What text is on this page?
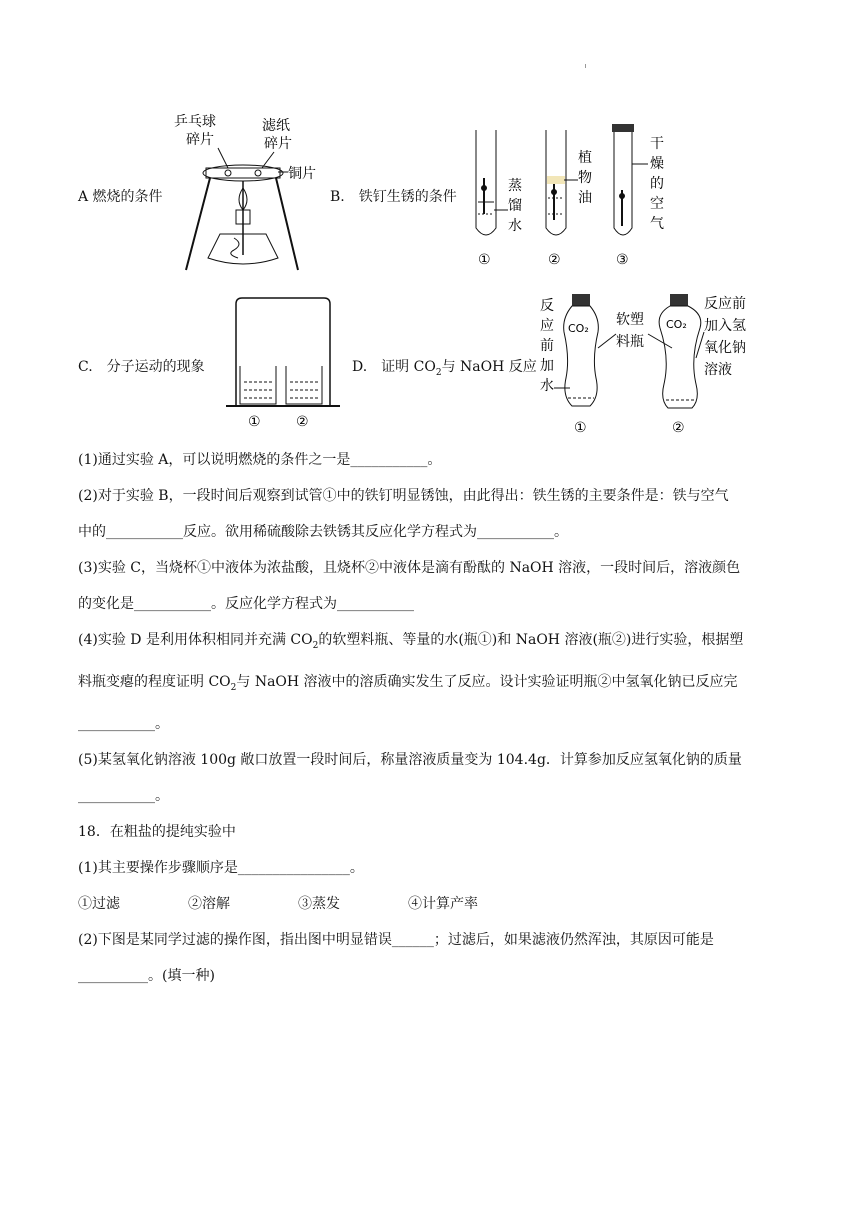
A 燃烧的条件	B.　铁钉生锈的条件
C.　分子运动的现象	D.　证明 $CO_2$与 NaOH 反应
乒乓球
碎片
滤纸
碎片
铜片
蒸
馏
水
植
物
油
干
燥
的
空
气
①	②	③
①	②
反
应
前
加
水
CO₂
软塑
料瓶
CO₂
反应前
加入氢
氧化钠
溶液
①	②
(1)通过实验 A，可以说明燃烧的条件之一是___________。
(2)对于实验 B，一段时间后观察到试管①中的铁钉明显锈蚀，由此得出：铁生锈的主要条件是：铁与空气
中的___________反应。欲用稀硫酸除去铁锈其反应化学方程式为___________。
(3)实验 C，当烧杯①中液体为浓盐酸，且烧杯②中液体是滴有酚酞的 NaOH 溶液，一段时间后，溶液颜色
的变化是___________。反应化学方程式为___________
(4)实验 D 是利用体积相同并充满 $CO_2$的软塑料瓶、等量的水(瓶①)和 NaOH 溶液(瓶②)进行实验，根据塑
料瓶变瘪的程度证明 $CO_2$与 NaOH 溶液中的溶质确实发生了反应。设计实验证明瓶②中氢氧化钠已反应完
___________。
(5)某氢氧化钠溶液 100g 敞口放置一段时间后，称量溶液质量变为 104.4g．计算参加反应氢氧化钠的质量
___________。
18．在粗盐的提纯实验中
(1)其主要操作步骤顺序是________________。
①过滤	②溶解	③蒸发	④计算产率
(2)下图是某同学过滤的操作图，指出图中明显错误______；过滤后，如果滤液仍然浑浊，其原因可能是
__________。(填一种)
